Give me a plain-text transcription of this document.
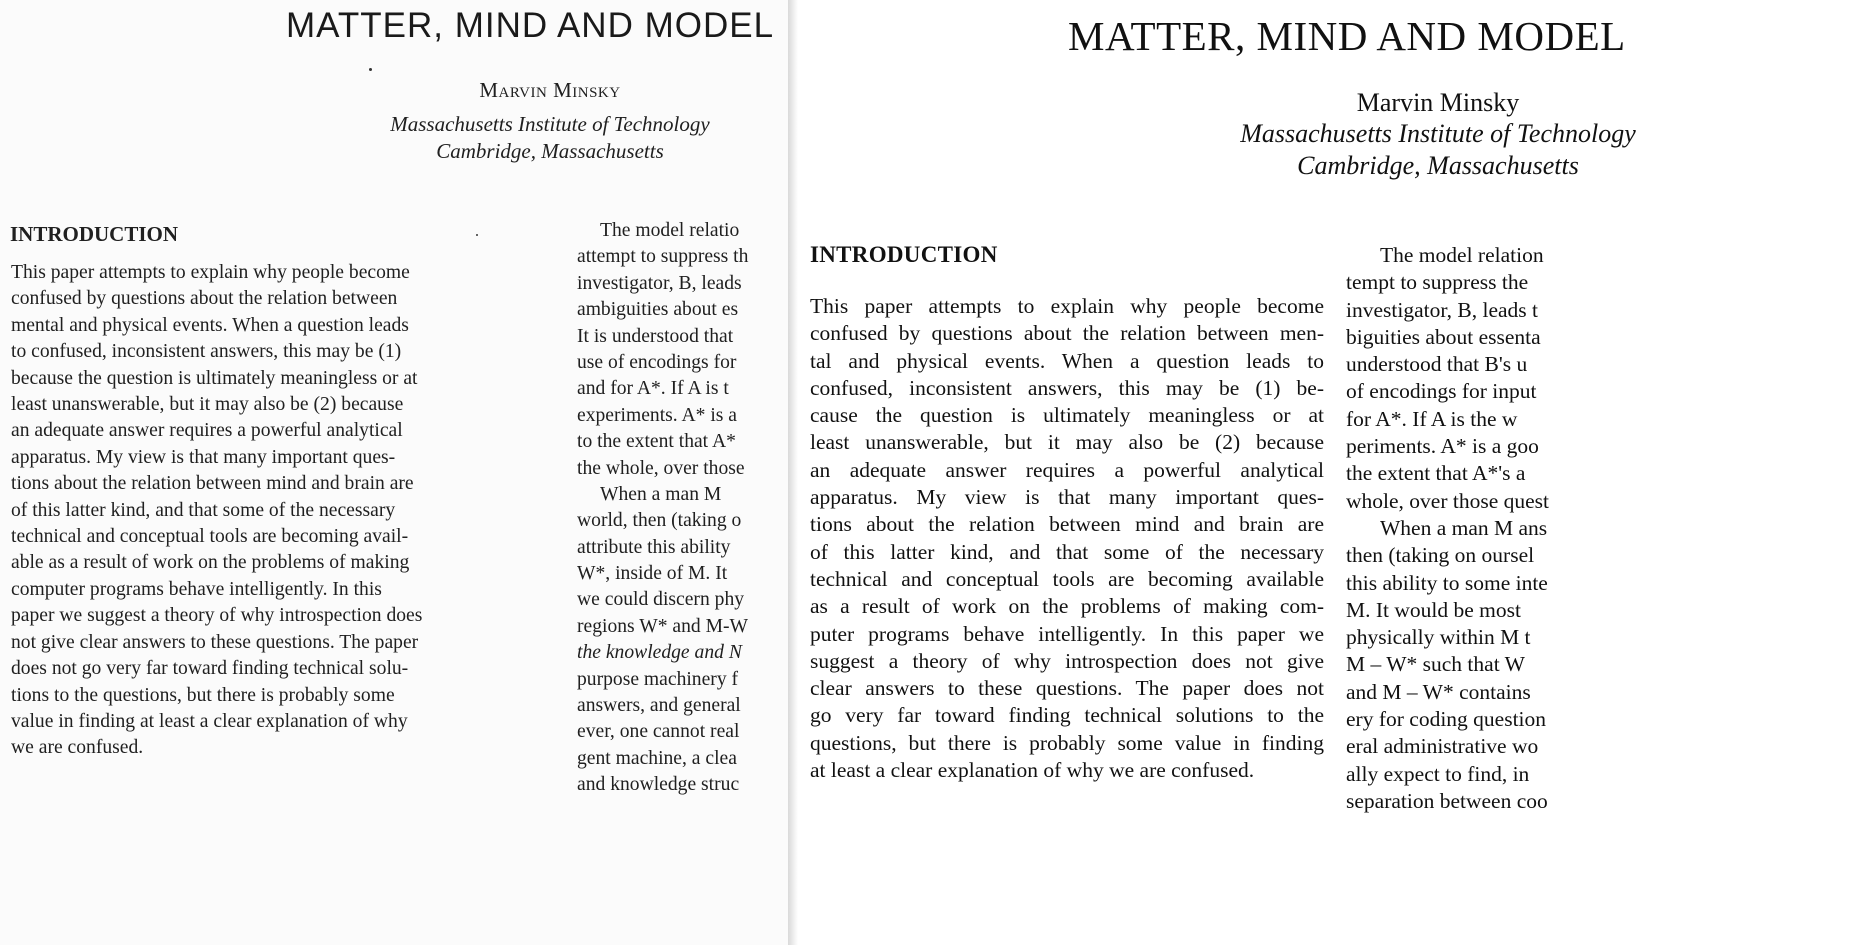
MATTER, MIND AND MODEL
Marvin Minsky
Massachusetts Institute of Technology
Cambridge, Massachusetts
INTRODUCTION
This paper attempts to explain why people become
confused by questions about the relation between
mental and physical events. When a question leads
to confused, inconsistent answers, this may be (1)
because the question is ultimately meaningless or at
least unanswerable, but it may also be (2) because
an adequate answer requires a powerful analytical
apparatus. My view is that many important ques-
tions about the relation between mind and brain are
of this latter kind, and that some of the necessary
technical and conceptual tools are becoming avail-
able as a result of work on the problems of making
computer programs behave intelligently. In this
paper we suggest a theory of why introspection does
not give clear answers to these questions. The paper
does not go very far toward finding technical solu-
tions to the questions, but there is probably some
value in finding at least a clear explanation of why
we are confused.
The model relatio
attempt to suppress th
investigator, B, leads
ambiguities about es
It is understood that
use of encodings for
and for A*. If A is t
experiments. A* is a
to the extent that A*
the whole, over those
When a man M
world, then (taking o
attribute this ability
W*, inside of M. It
we could discern phy
regions W* and M-W
the knowledge and N
purpose machinery f
answers, and general
ever, one cannot real
gent machine, a clea
and knowledge struc
MATTER, MIND AND MODEL
Marvin Minsky
Massachusetts Institute of Technology
Cambridge, Massachusetts
INTRODUCTION
This paper attempts to explain why people become
confused by questions about the relation between men-
tal and physical events. When a question leads to
confused, inconsistent answers, this may be (1) be-
cause the question is ultimately meaningless or at
least unanswerable, but it may also be (2) because
an adequate answer requires a powerful analytical
apparatus. My view is that many important ques-
tions about the relation between mind and brain are
of this latter kind, and that some of the necessary
technical and conceptual tools are becoming available
as a result of work on the problems of making com-
puter programs behave intelligently. In this paper we
suggest a theory of why introspection does not give
clear answers to these questions. The paper does not
go very far toward finding technical solutions to the
questions, but there is probably some value in finding
at least a clear explanation of why we are confused.
The model relation
tempt to suppress the
investigator, B, leads t
biguities about essenta
understood that B's u
of encodings for input
for A*. If A is the w
periments. A* is a goo
the extent that A*'s a
whole, over those quest
When a man M ans
then (taking on oursel
this ability to some inte
M. It would be most
physically within M t
M – W* such that W
and M – W* contains
ery for coding question
eral administrative wo
ally expect to find, in
separation between coo
